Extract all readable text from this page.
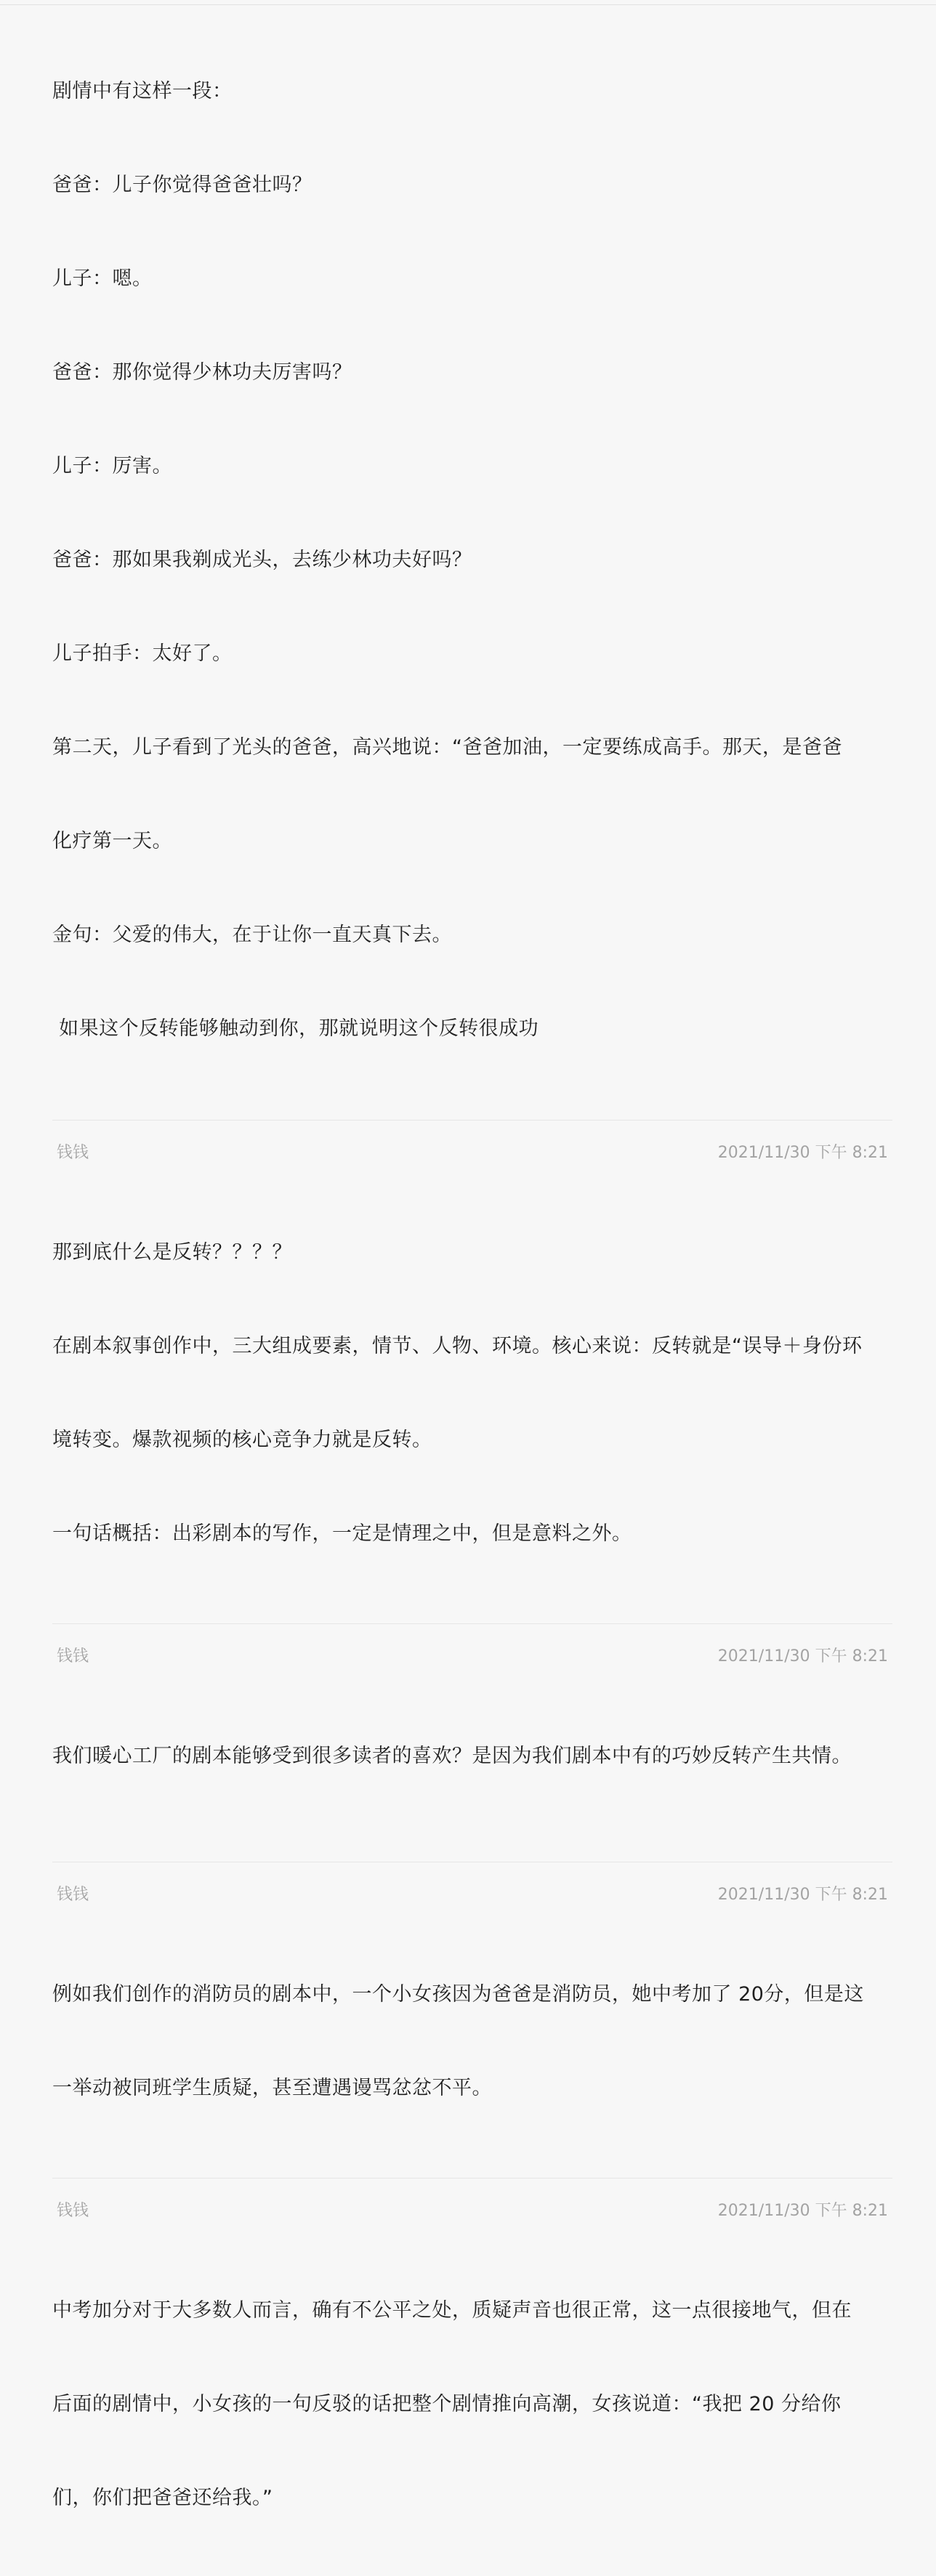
剧情中有这样一段：

爸爸：儿子你觉得爸爸壮吗？

儿子：嗯。

爸爸：那你觉得少林功夫厉害吗？

儿子：厉害。

爸爸：那如果我剃成光头，去练少林功夫好吗？

儿子拍手：太好了。

第二天，儿子看到了光头的爸爸，高兴地说：“爸爸加油，一定要练成高手。那天，是爸爸

化疗第一天。

金句：父爱的伟大，在于让你一直天真下去。

如果这个反转能够触动到你，那就说明这个反转很成功

钱钱	2021/11/30 下午 8:21

那到底什么是反转？？？？

在剧本叙事创作中，三大组成要素，情节、人物、环境。核心来说：反转就是“误导＋身份环

境转变。爆款视频的核心竞争力就是反转。

一句话概括：出彩剧本的写作，一定是情理之中，但是意料之外。

钱钱	2021/11/30 下午 8:21

我们暖心工厂的剧本能够受到很多读者的喜欢？是因为我们剧本中有的巧妙反转产生共情。

钱钱	2021/11/30 下午 8:21

例如我们创作的消防员的剧本中，一个小女孩因为爸爸是消防员，她中考加了 20分，但是这

一举动被同班学生质疑，甚至遭遇谩骂忿忿不平。

钱钱	2021/11/30 下午 8:21

中考加分对于大多数人而言，确有不公平之处，质疑声音也很正常，这一点很接地气，但在

后面的剧情中，小女孩的一句反驳的话把整个剧情推向高潮，女孩说道：“我把 20 分给你

们，你们把爸爸还给我。”
